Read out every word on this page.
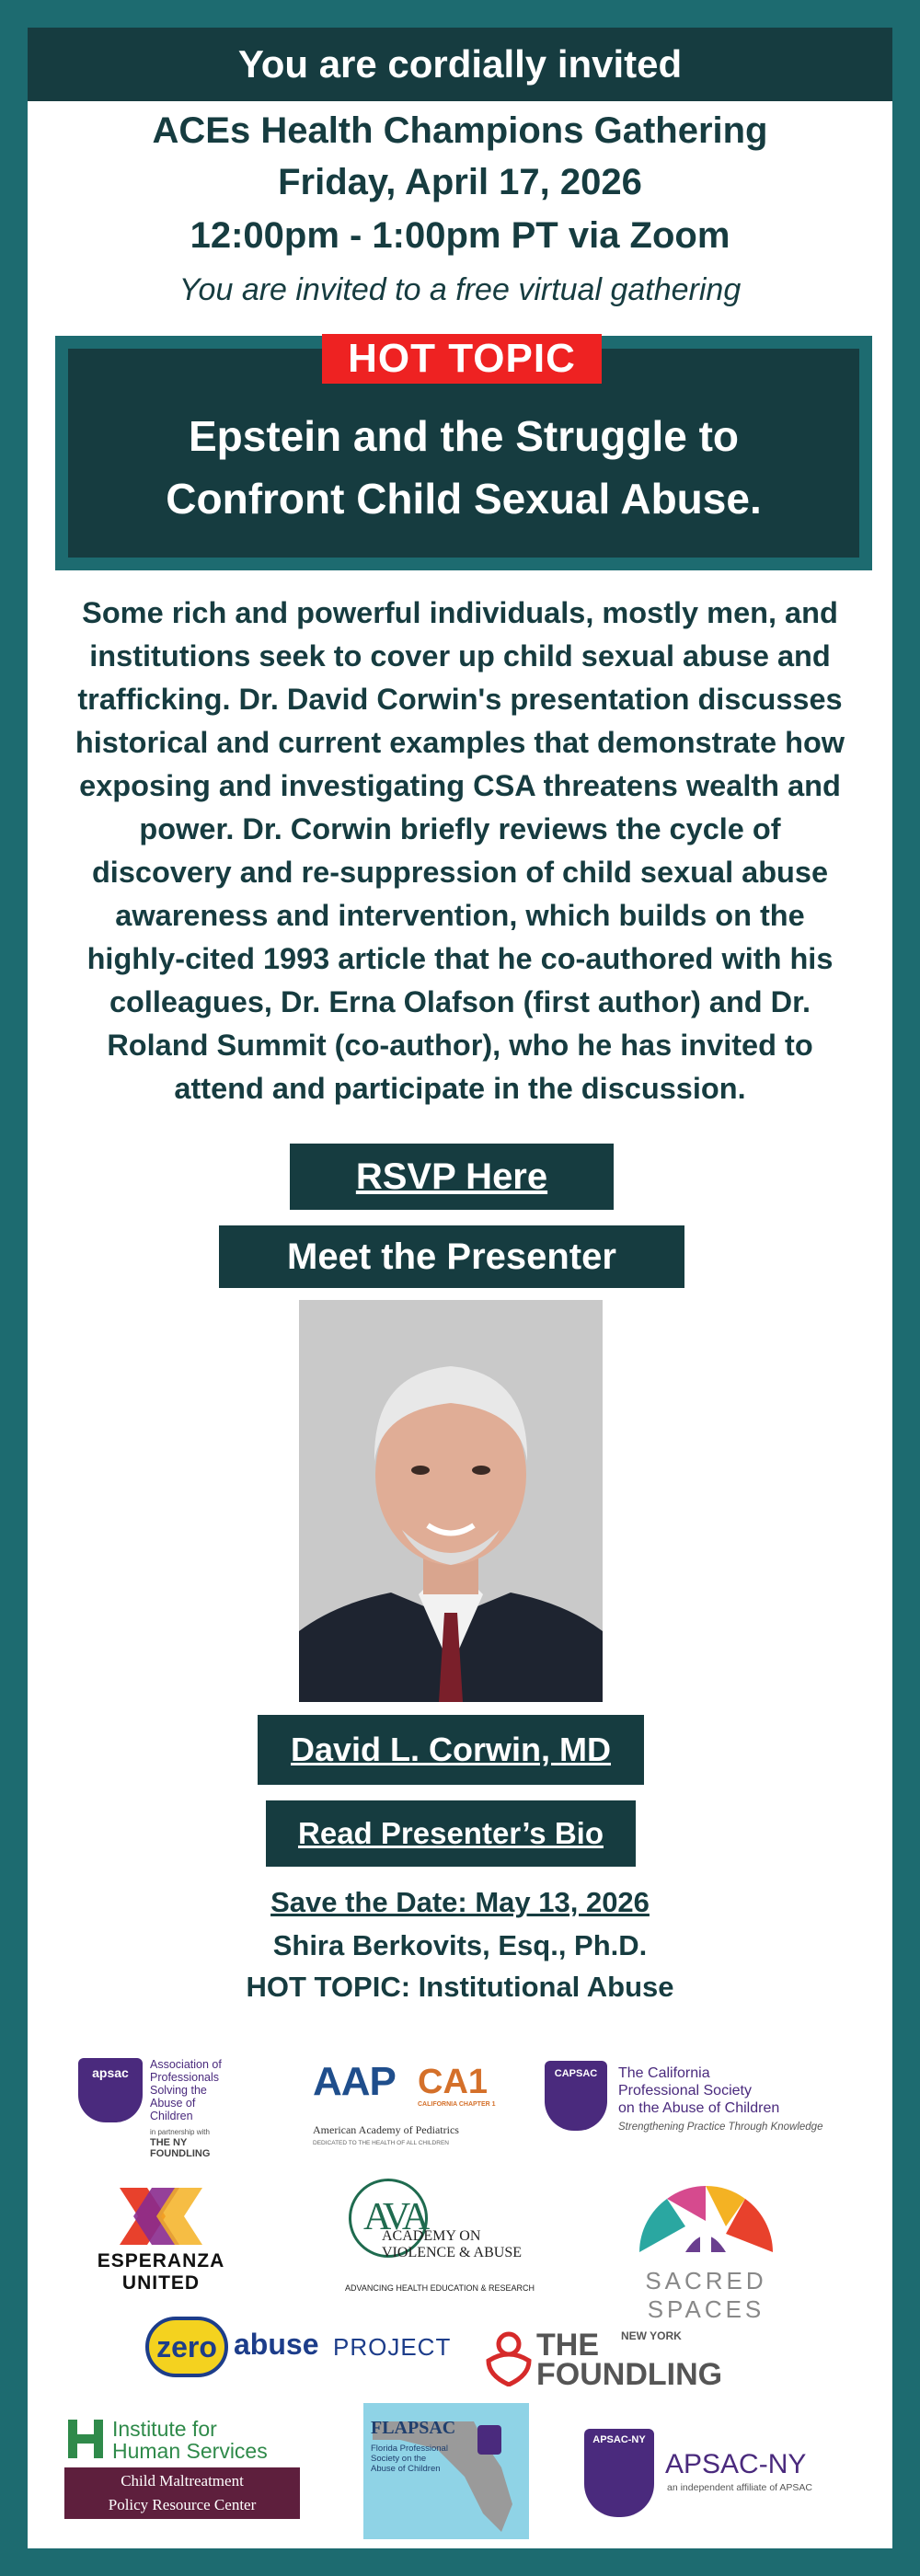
You are cordially invited
ACEs Health Champions Gathering
Friday, April 17, 2026
12:00pm - 1:00pm PT via Zoom
You are invited to a free virtual gathering
HOT TOPIC
Epstein and the Struggle to
Confront Child Sexual Abuse.
Some rich and powerful individuals, mostly men, and
institutions seek to cover up child sexual abuse and
trafficking. Dr. David Corwin's presentation discusses
historical and current examples that demonstrate how
exposing and investigating CSA threatens wealth and
power. Dr. Corwin briefly reviews the cycle of
discovery and re-suppression of child sexual abuse
awareness and intervention, which builds on the
highly-cited 1993 article that he co-authored with his
colleagues, Dr. Erna Olafson (first author) and Dr.
Roland Summit (co-author), who he has invited to
attend and participate in the discussion.
RSVP Here
Meet the Presenter
David L. Corwin, MD
Read Presenter’s Bio
Save the Date: May 13, 2026
Shira Berkovits, Esq., Ph.D.
HOT TOPIC: Institutional Abuse
apsac
Association of
Professionals
Solving the
Abuse of
Children
in partnership with
THE NY FOUNDLING
AAP CA1
CALIFORNIA CHAPTER 1
American Academy of Pediatrics
DEDICATED TO THE HEALTH OF ALL CHILDREN
CAPSAC	The California
Professional Society
on the Abuse of Children
Strengthening Practice Through Knowledge
ESPERANZA
UNITED
AVA
ACADEMY ON
VIOLENCE & ABUSE
ADVANCING HEALTH EDUCATION & RESEARCH	SACRED SPACES
zero abuse PROJECT	THE NEW YORK
FOUNDLING
Institute for
Human Services
Child Maltreatment
Policy Resource Center
FLAPSAC
Florida Professional
Society on the
Abuse of Children
APSAC-NY
APSAC-NY
an independent affiliate of APSAC
